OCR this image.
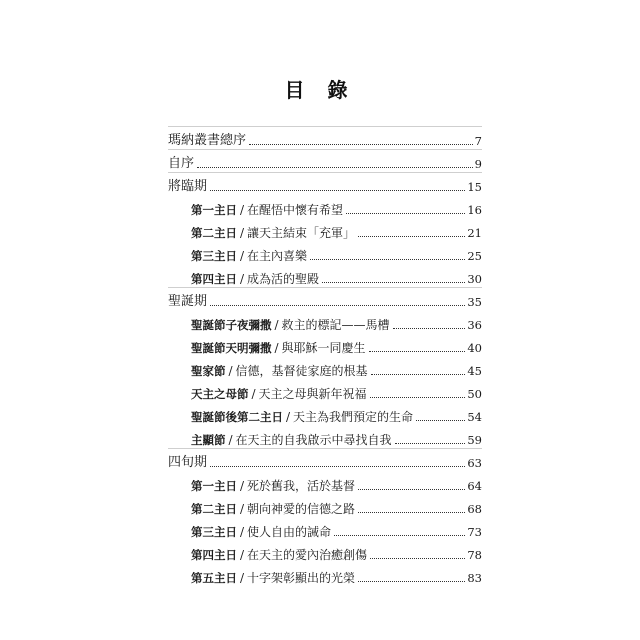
目 錄
瑪納叢書總序	7
自序	9
將臨期	15
第一主日 / 在醒悟中懷有希望	16
第二主日 / 讓天主結束「充軍」	21
第三主日 / 在主內喜樂	25
第四主日 / 成為活的聖殿	30
聖誕期	35
聖誕節子夜彌撒 / 救主的標記——馬槽	36
聖誕節天明彌撒 / 與耶穌一同慶生	40
聖家節 / 信德，基督徒家庭的根基	45
天主之母節 / 天主之母與新年祝福	50
聖誕節後第二主日 / 天主為我們預定的生命	54
主顯節 / 在天主的自我啟示中尋找自我	59
四旬期	63
第一主日 / 死於舊我，活於基督	64
第二主日 / 朝向神愛的信德之路	68
第三主日 / 使人自由的誡命	73
第四主日 / 在天主的愛內治癒創傷	78
第五主日 / 十字架彰顯出的光榮	83
